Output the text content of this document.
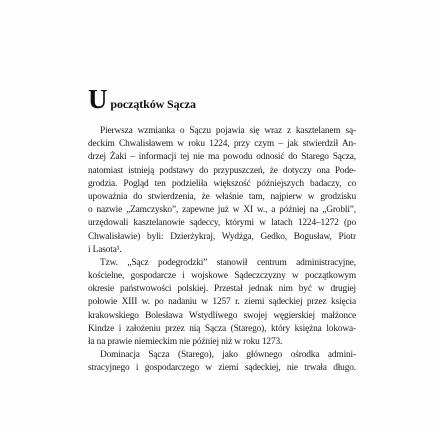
U początków Sącza
Pierwsza wzmianka o Sączu pojawia się wraz z kasztelanem są-
deckim Chwalisławem w roku 1224, przy czym – jak stwierdził An-
drzej Żaki – informacji tej nie ma powodu odnosić do Starego Sącza,
natomiast istnieją podstawy do przypuszczeń, że dotyczy ona Pode-
grodzia. Pogląd ten podzieliła większość późniejszych badaczy, co
upoważnia do stwierdzenia, że właśnie tam, najpierw w grodzisku
o nazwie „Zamczysko”, zapewne już w XI w., a później na „Grobli”,
urzędowali kasztelanowie sądeccy, którymi w latach 1224–1272 (po
Chwalisławie) byli: Dzierżykraj, Wydżga, Gedko, Bogusław, Piotr
i Lasota¹.
Tzw. „Sącz podegrodzki” stanowił centrum administracyjne,
kościelne, gospodarcze i wojskowe Sądeczczyzny w początkowym
okresie państwowości polskiej. Przestał jednak nim być w drugiej
połowie XIII w. po nadaniu w 1257 r. ziemi sądeckiej przez księcia
krakowskiego Bolesława Wstydliwego swojej węgierskiej małżonce
Kindze i założeniu przez nią Sącza (Starego), który księżna lokowa-
ła na prawie niemieckim nie później niż w roku 1273.
Dominacja Sącza (Starego), jako głównego ośrodka admini-
stracyjnego i gospodarczego w ziemi sądeckiej, nie trwała długo.
